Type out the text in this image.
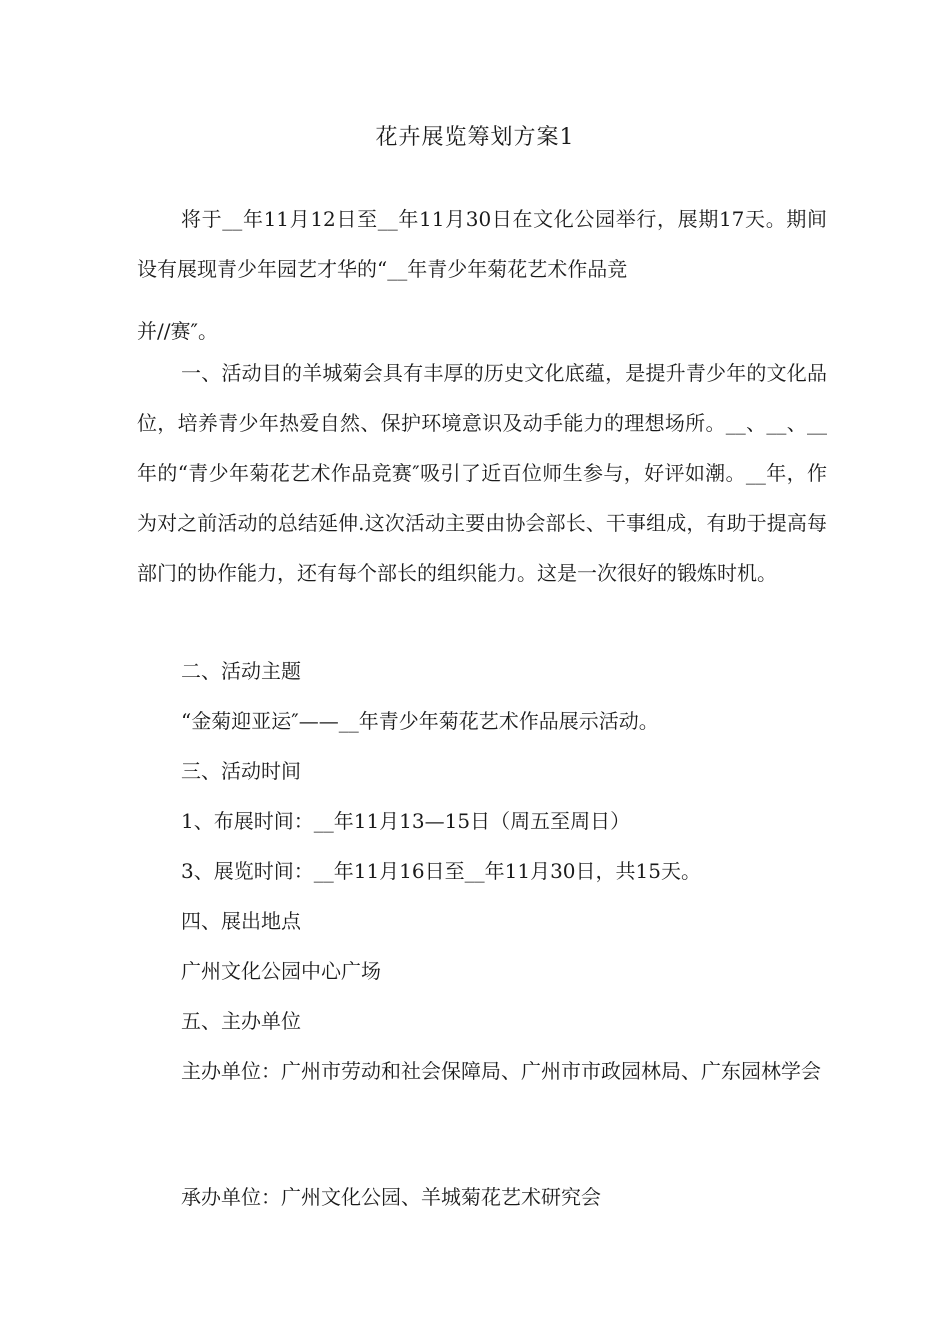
花卉展览筹划方案1
将于__年11月12日至__年11月30日在文化公园举行，展期17天。期间设有展现青少年园艺才华的“__年青少年菊花艺术作品竞
并//赛″。
一、活动目的羊城菊会具有丰厚的历史文化底蕴，是提升青少年的文化品位，培养青少年热爱自然、保护环境意识及动手能力的理想场所。__、__、__年的“青少年菊花艺术作品竞赛″吸引了近百位师生参与，好评如潮。__年，作为对之前活动的总结延伸.这次活动主要由协会部长、干事组成，有助于提高每部门的协作能力，还有每个部长的组织能力。这是一次很好的锻炼时机。
二、活动主题
“金菊迎亚运″——__年青少年菊花艺术作品展示活动。
三、活动时间
1、布展时间：__年11月13—15日（周五至周日）
3、展览时间：__年11月16日至__年11月30日，共15天。
四、展出地点
广州文化公园中心广场
五、主办单位
主办单位：广州市劳动和社会保障局、广州市市政园林局、广东园林学会
承办单位：广州文化公园、羊城菊花艺术研究会
